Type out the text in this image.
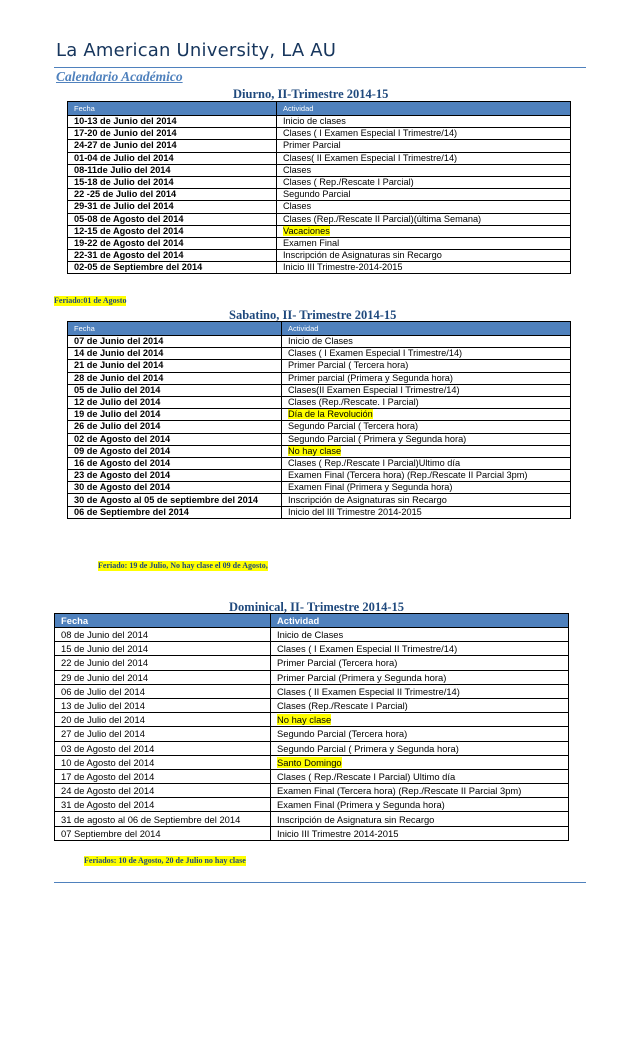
La American University, LA AU
Calendario Académico
Diurno, II-Trimestre 2014-15
Fecha	Actividad
10-13 de Junio del 2014	Inicio de clases
17-20 de Junio del 2014	Clases ( I Examen Especial I Trimestre/14)
24-27 de Junio del 2014	Primer Parcial
01-04 de Julio del 2014	Clases( II Examen Especial I Trimestre/14)
08-11de Julio del 2014	Clases
15-18 de Julio del 2014	Clases ( Rep./Rescate I Parcial)
22 -25 de Julio del 2014	Segundo Parcial
29-31 de Julio del 2014	Clases
05-08 de Agosto del 2014	Clases (Rep./Rescate II Parcial)(última Semana)
12-15 de Agosto del 2014	Vacaciones
19-22 de Agosto del 2014	Examen Final
22-31 de Agosto del 2014	Inscripción de Asignaturas sin Recargo
02-05 de Septiembre del 2014	Inicio III Trimestre-2014-2015
Feriado:01 de Agosto
Sabatino, II- Trimestre 2014-15
Fecha	Actividad
07 de Junio del 2014	Inicio de Clases
14 de Junio del 2014	Clases ( I Examen Especial I Trimestre/14)
21 de Junio del 2014	Primer Parcial ( Tercera hora)
28 de Junio del 2014	Primer parcial (Primera y Segunda hora)
05 de Julio del 2014	Clases(II Examen Especial I Trimestre/14)
12 de Julio del 2014	Clases (Rep./Rescate. I Parcial)
19 de Julio del 2014	Día de la Revolución
26 de Julio del 2014	Segundo Parcial ( Tercera hora)
02 de Agosto del 2014	Segundo Parcial ( Primera y Segunda hora)
09 de Agosto del 2014	No hay clase
16 de Agosto del 2014	Clases ( Rep./Rescate I Parcial)Ultimo día
23 de Agosto del 2014	Examen Final (Tercera hora) (Rep./Rescate II Parcial 3pm)
30 de Agosto del 2014	Examen Final (Primera y Segunda hora)
30 de Agosto al 05 de septiembre del 2014	Inscripción de Asignaturas sin Recargo
06 de Septiembre del 2014	Inicio del III Trimestre 2014-2015
Feriado: 19 de Julio, No hay clase el 09 de Agosto,
Dominical, II- Trimestre 2014-15
Fecha	Actividad
08 de Junio del 2014	Inicio de Clases
15 de Junio del 2014	Clases ( I Examen Especial II Trimestre/14)
22 de Junio del 2014	Primer Parcial (Tercera hora)
29 de Junio del 2014	Primer Parcial (Primera y Segunda hora)
06 de Julio del 2014	Clases ( II Examen Especial II Trimestre/14)
13 de Julio del 2014	Clases (Rep./Rescate I Parcial)
20 de Julio del 2014	No hay clase
27 de Julio del 2014	Segundo Parcial (Tercera hora)
03 de Agosto del 2014	Segundo Parcial ( Primera y Segunda hora)
10 de Agosto del 2014	Santo Domingo
17 de Agosto del 2014	Clases ( Rep./Rescate I Parcial) Ultimo día
24 de Agosto del 2014	Examen Final (Tercera hora) (Rep./Rescate II Parcial 3pm)
31 de Agosto del 2014	Examen Final (Primera y Segunda hora)
31 de agosto al 06 de Septiembre del 2014	Inscripción de Asignatura sin Recargo
07 Septiembre del 2014	Inicio III Trimestre 2014-2015
Feriados: 10 de Agosto, 20 de Julio no hay clase
